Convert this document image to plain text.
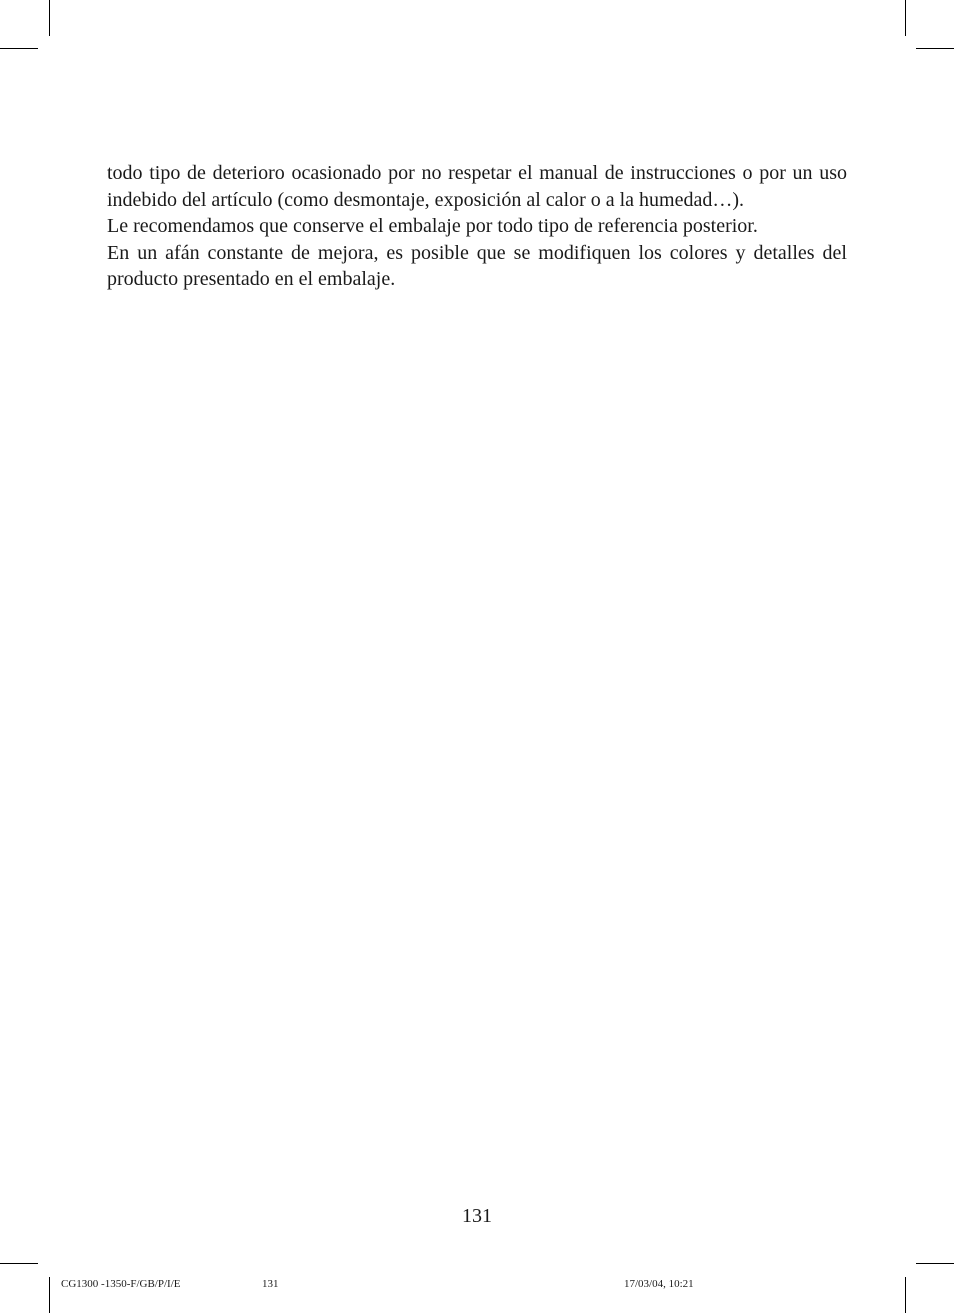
todo tipo de deterioro ocasionado por no respetar el manual de instrucciones o por un uso indebido del artículo (como desmontaje, exposición al calor o a la humedad…).

Le recomendamos que conserve el embalaje por todo tipo de referencia posterior.

En un afán constante de mejora, es posible que se modifiquen los colores y detalles del producto presentado en el embalaje.

131
CG1300 -1350-F/GB/P/I/E	131	17/03/04, 10:21
